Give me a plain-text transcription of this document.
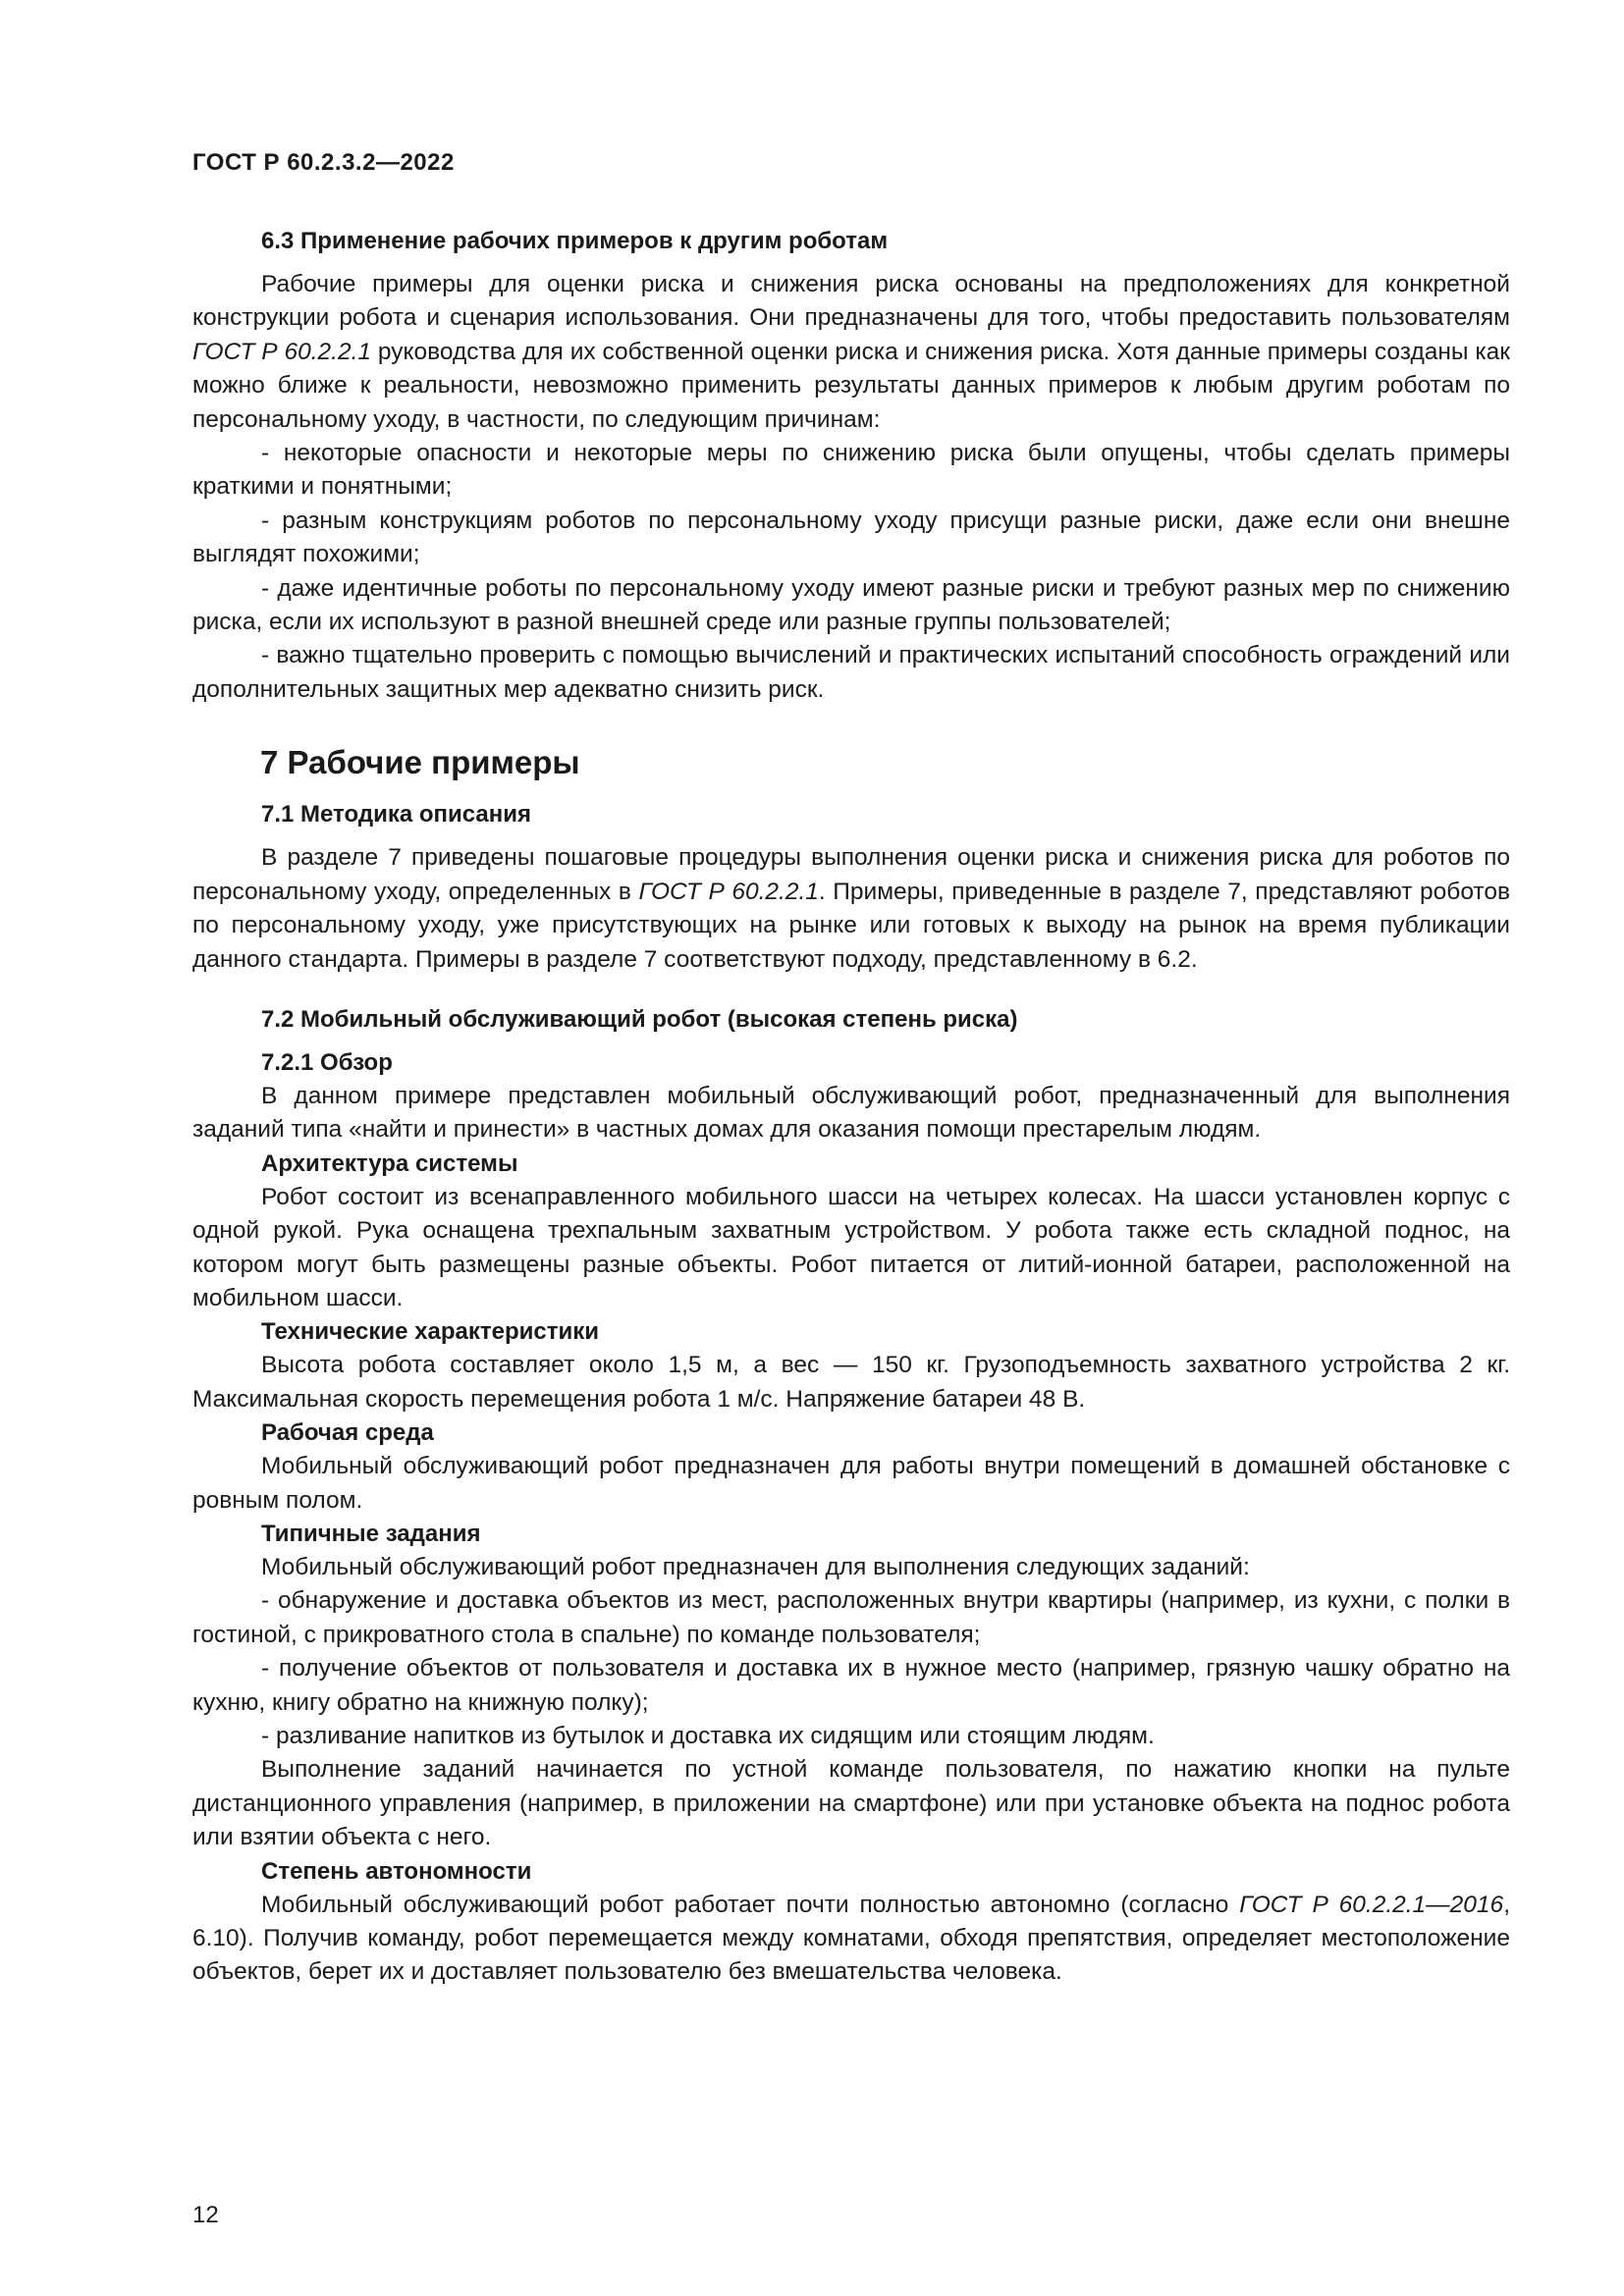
ГОСТ Р 60.2.3.2—2022
6.3 Применение рабочих примеров к другим роботам

Рабочие примеры для оценки риска и снижения риска основаны на предположениях для конкретной конструкции робота и сценария использования. Они предназначены для того, чтобы предоставить пользователям ГОСТ Р 60.2.2.1 руководства для их собственной оценки риска и снижения риска. Хотя данные примеры созданы как можно ближе к реальности, невозможно применить результаты данных примеров к любым другим роботам по персональному уходу, в частности, по следующим причинам:

- некоторые опасности и некоторые меры по снижению риска были опущены, чтобы сделать примеры краткими и понятными;

- разным конструкциям роботов по персональному уходу присущи разные риски, даже если они внешне выглядят похожими;

- даже идентичные роботы по персональному уходу имеют разные риски и требуют разных мер по снижению риска, если их используют в разной внешней среде или разные группы пользователей;

- важно тщательно проверить с помощью вычислений и практических испытаний способность ограждений или дополнительных защитных мер адекватно снизить риск.

7 Рабочие примеры
7.1 Методика описания

В разделе 7 приведены пошаговые процедуры выполнения оценки риска и снижения риска для роботов по персональному уходу, определенных в ГОСТ Р 60.2.2.1. Примеры, приведенные в разделе 7, представляют роботов по персональному уходу, уже присутствующих на рынке или готовых к выходу на рынок на время публикации данного стандарта. Примеры в разделе 7 соответствуют подходу, представленному в 6.2.

7.2 Мобильный обслуживающий робот (высокая степень риска)
7.2.1 Обзор

В данном примере представлен мобильный обслуживающий робот, предназначенный для выполнения заданий типа «найти и принести» в частных домах для оказания помощи престарелым людям.

Архитектура системы

Робот состоит из всенаправленного мобильного шасси на четырех колесах. На шасси установлен корпус с одной рукой. Рука оснащена трехпальным захватным устройством. У робота также есть складной поднос, на котором могут быть размещены разные объекты. Робот питается от литий-ионной батареи, расположенной на мобильном шасси.

Технические характеристики

Высота робота составляет около 1,5 м, а вес — 150 кг. Грузоподъемность захватного устройства 2 кг. Максимальная скорость перемещения робота 1 м/с. Напряжение батареи 48 В.

Рабочая среда

Мобильный обслуживающий робот предназначен для работы внутри помещений в домашней обстановке с ровным полом.

Типичные задания

Мобильный обслуживающий робот предназначен для выполнения следующих заданий:

- обнаружение и доставка объектов из мест, расположенных внутри квартиры (например, из кухни, с полки в гостиной, с прикроватного стола в спальне) по команде пользователя;

- получение объектов от пользователя и доставка их в нужное место (например, грязную чашку обратно на кухню, книгу обратно на книжную полку);

- разливание напитков из бутылок и доставка их сидящим или стоящим людям.

Выполнение заданий начинается по устной команде пользователя, по нажатию кнопки на пульте дистанционного управления (например, в приложении на смартфоне) или при установке объекта на поднос робота или взятии объекта с него.

Степень автономности

Мобильный обслуживающий робот работает почти полностью автономно (согласно ГОСТ Р 60.2.2.1—2016, 6.10). Получив команду, робот перемещается между комнатами, обходя препятствия, определяет местоположение объектов, берет их и доставляет пользователю без вмешательства человека.

12
